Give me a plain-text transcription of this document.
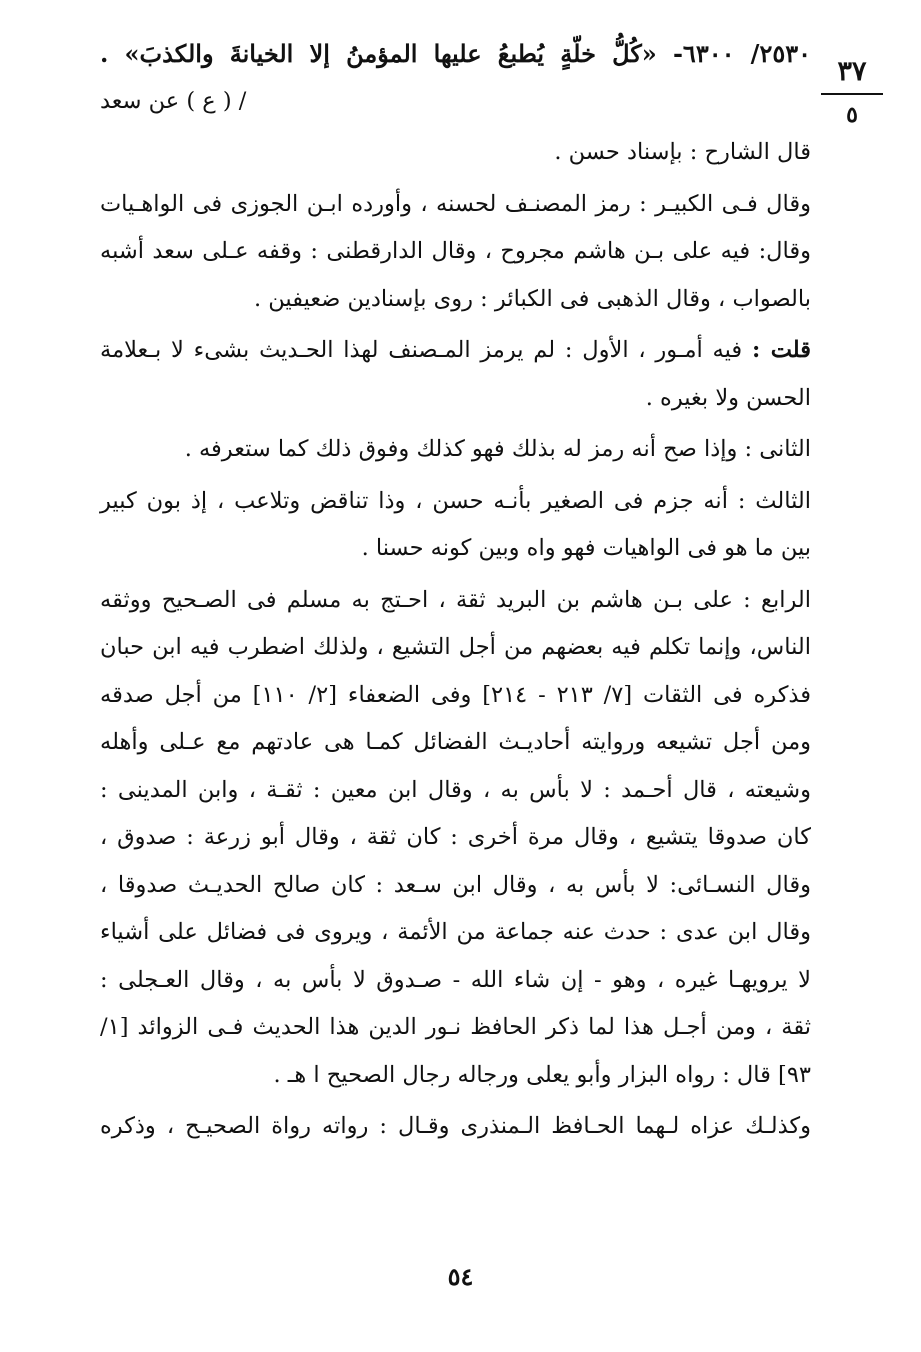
٣٧
٥
٢٥٣٠/ ٦٣٠٠- «كُلُّ خلّةٍ يُطبعُ عليها المؤمنُ إلا الخيانةَ والكذبَ» .
/ ( ع ) عن سعد
قال الشارح : بإسناد حسن .
وقال فـى الكبيـر : رمز المصنـف لحسنه ، وأورده ابـن الجوزى فى الواهـيات
وقال: فيه على بـن هاشم مجروح ، وقال الدارقطنى : وقفه عـلى سعد أشبه
بالصواب ، وقال الذهبى فى الكبائر : روى بإسنادين ضعيفين .
قلت : فيه أمـور ، الأول : لم يرمز المـصنف لهذا الحـديث بشىء لا بـعلامة
الحسن ولا بغيره .
الثانى : وإذا صح أنه رمز له بذلك فهو كذلك وفوق ذلك كما ستعرفه .
الثالث : أنه جزم فى الصغير بأنـه حسن ، وذا تناقض وتلاعب ، إذ بون كبير
بين ما هو فى الواهيات فهو واه وبين كونه حسنا .
الرابع : على بـن هاشم بن البريد ثقة ، احـتج به مسلم فى الصـحيح ووثقه
الناس، وإنما تكلم فيه بعضهم من أجل التشيع ، ولذلك اضطرب فيه ابن حبان
فذكره فى الثقات [٧/ ٢١٣ - ٢١٤] وفى الضعفاء [٢/ ١١٠] من أجل صدقه
ومن أجل تشيعه وروايته أحاديـث الفضائل كمـا هى عادتهم مع عـلى وأهله
وشيعته ، قال أحـمد : لا بأس به ، وقال ابن معين : ثقـة ، وابن المدينى :
كان صدوقا يتشيع ، وقال مرة أخرى : كان ثقة ، وقال أبو زرعة : صدوق ،
وقال النسـائى: لا بأس به ، وقال ابن سـعد : كان صالح الحديـث صدوقا ،
وقال ابن عدى : حدث عنه جماعة من الأئمة ، ويروى فى فضائل على أشياء
لا يرويهـا غيره ، وهو - إن شاء الله - صـدوق لا بأس به ، وقال العـجلى :
ثقة ، ومن أجـل هذا لما ذكر الحافظ نـور الدين هذا الحديث فـى الزوائد [١/
٩٣] قال : رواه البزار وأبو يعلى ورجاله رجال الصحيح ا هـ .
وكذلـك عزاه لـهما الحـافظ الـمنذرى وقـال : رواته رواة الصحيـح ، وذكره
٥٤
